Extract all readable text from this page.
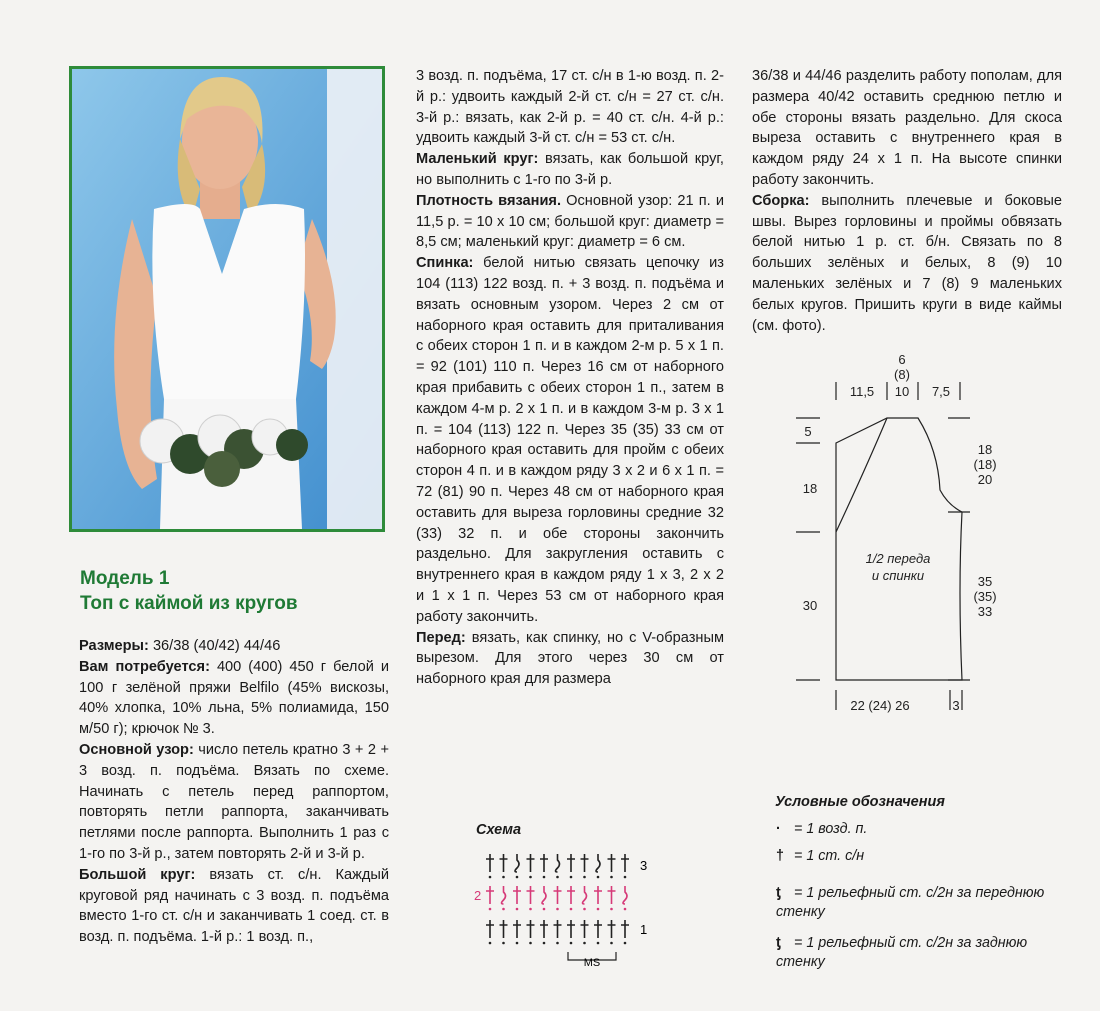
Модель 1
Топ с каймой из кругов

Размеры: 36/38 (40/42) 44/46

Вам потребуется: 400 (400) 450 г белой и 100 г зелёной пряжи Belfilo (45% вискозы, 40% хлопка, 10% льна, 5% полиамида, 150 м/50 г); крючок № 3.

Основной узор: число петель кратно 3 + 2 + 3 возд. п. подъёма. Вязать по схеме. Начинать с петель перед раппортом, повторять петли раппорта, заканчивать петлями после раппорта. Выполнить 1 раз с 1-го по 3-й р., затем повторять 2-й и 3-й р.

Большой круг: вязать ст. с/н. Каждый круговой ряд начинать с 3 возд. п. подъёма вместо 1-го ст. с/н и заканчивать 1 соед. ст. в возд. п. подъёма. 1-й р.: 1 возд. п.,

3 возд. п. подъёма, 17 ст. с/н в 1-ю возд. п. 2-й р.: удвоить каждый 2-й ст. с/н = 27 ст. с/н. 3-й р.: вязать, как 2-й р. = 40 ст. с/н. 4-й р.: удвоить каждый 3-й ст. с/н = 53 ст. с/н.

Маленький круг: вязать, как большой круг, но выполнить с 1-го по 3-й р.

Плотность вязания. Основной узор: 21 п. и 11,5 р. = 10 х 10 см; большой круг: диаметр = 8,5 см; маленький круг: диаметр = 6 см.

Спинка: белой нитью связать цепочку из 104 (113) 122 возд. п. + 3 возд. п. подъёма и вязать основным узором. Через 2 см от наборного края оставить для приталивания с обеих сторон 1 п. и в каждом 2-м р. 5 х 1 п. = 92 (101) 110 п. Через 16 см от наборного края прибавить с обеих сторон 1 п., затем в каждом 4-м р. 2 х 1 п. и в каждом 3-м р. 3 х 1 п. = 104 (113) 122 п. Через 35 (35) 33 см от наборного края оставить для пройм с обеих сторон 4 п. и в каждом ряду 3 х 2 и 6 х 1 п. = 72 (81) 90 п. Через 48 см от наборного края оставить для выреза горловины средние 32 (33) 32 п. и обе стороны закончить раздельно. Для закругления оставить с внутреннего края в каждом ряду 1 х 3, 2 х 2 и 1 х 1 п. Через 53 см от наборного края работу закончить.

Перед: вязать, как спинку, но с V-образным вырезом. Для этого через 30 см от наборного края для размера

36/38 и 44/46 разделить работу пополам, для размера 40/42 оставить среднюю петлю и обе стороны вязать раздельно. Для скоса выреза оставить с внутреннего края в каждом ряду 24 х 1 п. На высоте спинки работу закончить.

Сборка: выполнить плечевые и боковые швы. Вырез горловины и проймы обвязать белой нитью 1 р. ст. б/н. Связать по 8 больших зелёных и белых, 8 (9) 10 маленьких зелёных и 7 (8) 9 маленьких белых кругов. Пришить круги в виде каймы (см. фото).

6
(8)
11,5 10 7,5
5
18
30
18
(18)
20
35
(35)
33
22 (24) 26	3
1/2 переда
и спинки
Схема
3
2
1
MS
Условные обозначения
· = 1 возд. п.
† = 1 ст. с/н
ƫ = 1 рельефный ст. с/2н за переднюю стенку
ƫ = 1 рельефный ст. с/2н за заднюю стенку
